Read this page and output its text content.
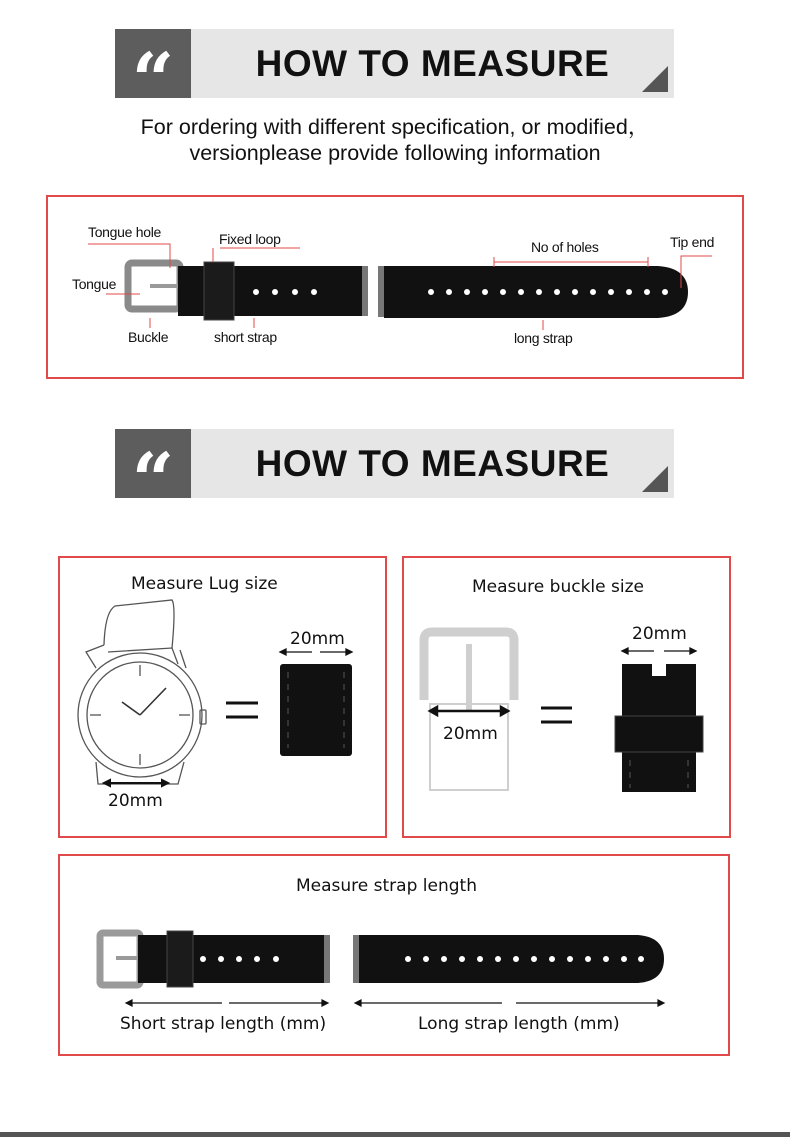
“	HOW TO MEASURE
For ordering with different specification, or modified，
versionplease provide following information
Tongue hole	Fixed loop	No of holes	Tip end
Tongue
Buckle	short strap	long strap
“	HOW TO MEASURE
Measure Lug size
20mm
20mm
Measure buckle size
20mm
20mm
Measure strap length
Short strap length (mm)	Long strap length (mm)
